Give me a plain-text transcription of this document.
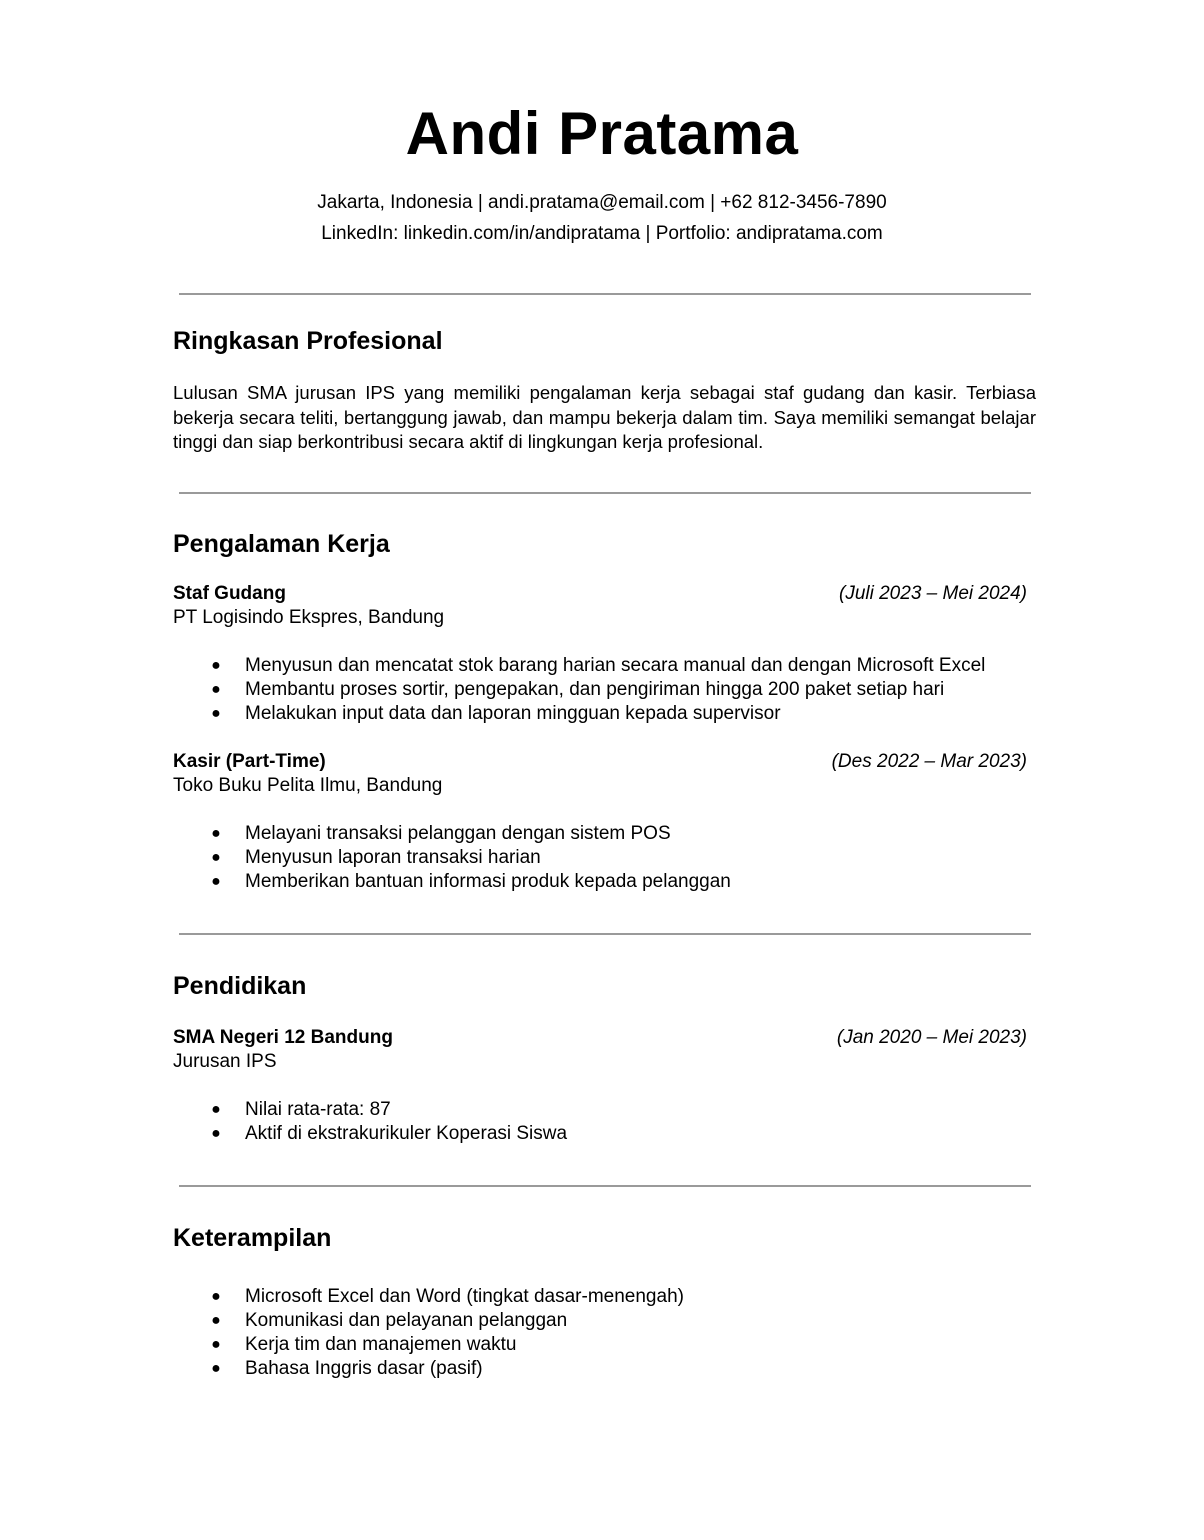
Andi Pratama
Jakarta, Indonesia | andi.pratama@email.com | +62 812-3456-7890
LinkedIn: linkedin.com/in/andipratama | Portfolio: andipratama.com
Ringkasan Profesional
Lulusan SMA jurusan IPS yang memiliki pengalaman kerja sebagai staf gudang dan kasir. Terbiasa bekerja secara teliti, bertanggung jawab, dan mampu bekerja dalam tim. Saya memiliki semangat belajar tinggi dan siap berkontribusi secara aktif di lingkungan kerja profesional.
Pengalaman Kerja
Staf Gudang	(Juli 2023 – Mei 2024)
PT Logisindo Ekspres, Bandung
● Menyusun dan mencatat stok barang harian secara manual dan dengan Microsoft Excel
● Membantu proses sortir, pengepakan, dan pengiriman hingga 200 paket setiap hari
● Melakukan input data dan laporan mingguan kepada supervisor
Kasir (Part-Time)	(Des 2022 – Mar 2023)
Toko Buku Pelita Ilmu, Bandung
● Melayani transaksi pelanggan dengan sistem POS
● Menyusun laporan transaksi harian
● Memberikan bantuan informasi produk kepada pelanggan
Pendidikan
SMA Negeri 12 Bandung	(Jan 2020 – Mei 2023)
Jurusan IPS
● Nilai rata-rata: 87
● Aktif di ekstrakurikuler Koperasi Siswa
Keterampilan
● Microsoft Excel dan Word (tingkat dasar-menengah)
● Komunikasi dan pelayanan pelanggan
● Kerja tim dan manajemen waktu
● Bahasa Inggris dasar (pasif)
